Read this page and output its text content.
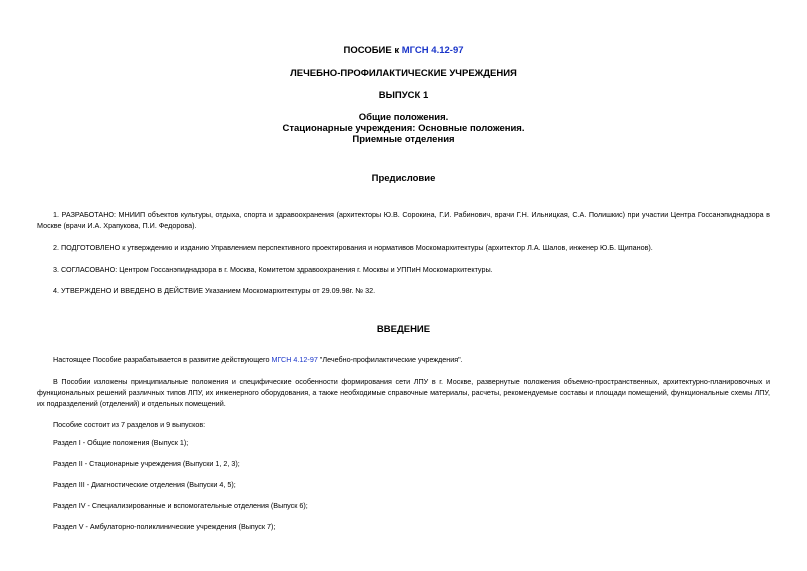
ПОСОБИЕ к МГСН 4.12-97
ЛЕЧЕБНО-ПРОФИЛАКТИЧЕСКИЕ УЧРЕЖДЕНИЯ
ВЫПУСК 1
Общие положения.
Стационарные учреждения: Основные положения.
Приемные отделения
Предисловие
1. РАЗРАБОТАНО: МНИИП объектов культуры, отдыха, спорта и здравоохранения (архитекторы Ю.В. Сорокина, Г.И. Рабинович, врачи Г.Н. Ильницкая, С.А. Полишкис) при участии Центра Госсанэпиднадзора в Москве (врачи И.А. Храпукова, П.И. Федорова).
2. ПОДГОТОВЛЕНО к утверждению и изданию Управлением перспективного проектирования и нормативов Москомархитектуры (архитектор Л.А. Шалов, инженер Ю.Б. Щипанов).
3. СОГЛАСОВАНО: Центром Госсанэпиднадзора в г. Москва, Комитетом здравоохранения г. Москвы и УППиН Москомархитектуры.
4. УТВЕРЖДЕНО И ВВЕДЕНО В ДЕЙСТВИЕ Указанием Москомархитектуры от 29.09.98г. № 32.
ВВЕДЕНИЕ
Настоящее Пособие разрабатывается в развитие действующего МГСН 4.12-97 "Лечебно-профилактические учреждения".
В Пособии изложены принципиальные положения и специфические особенности формирования сети ЛПУ в г. Москве, развернутые положения объемно-пространственных, архитектурно-планировочных и функциональных решений различных типов ЛПУ, их инженерного оборудования, а также необходимые справочные материалы, расчеты, рекомендуемые составы и площади помещений, функциональные схемы ЛПУ, их подразделений (отделений) и отдельных помещений.
Пособие состоит из 7 разделов и 9 выпусков:
Раздел I - Общие положения (Выпуск 1);
Раздел II - Стационарные учреждения (Выпуски 1, 2, 3);
Раздел III - Диагностические отделения (Выпуски 4, 5);
Раздел IV - Специализированные и вспомогательные отделения (Выпуск 6);
Раздел V - Амбулаторно-поликлинические учреждения (Выпуск 7);
